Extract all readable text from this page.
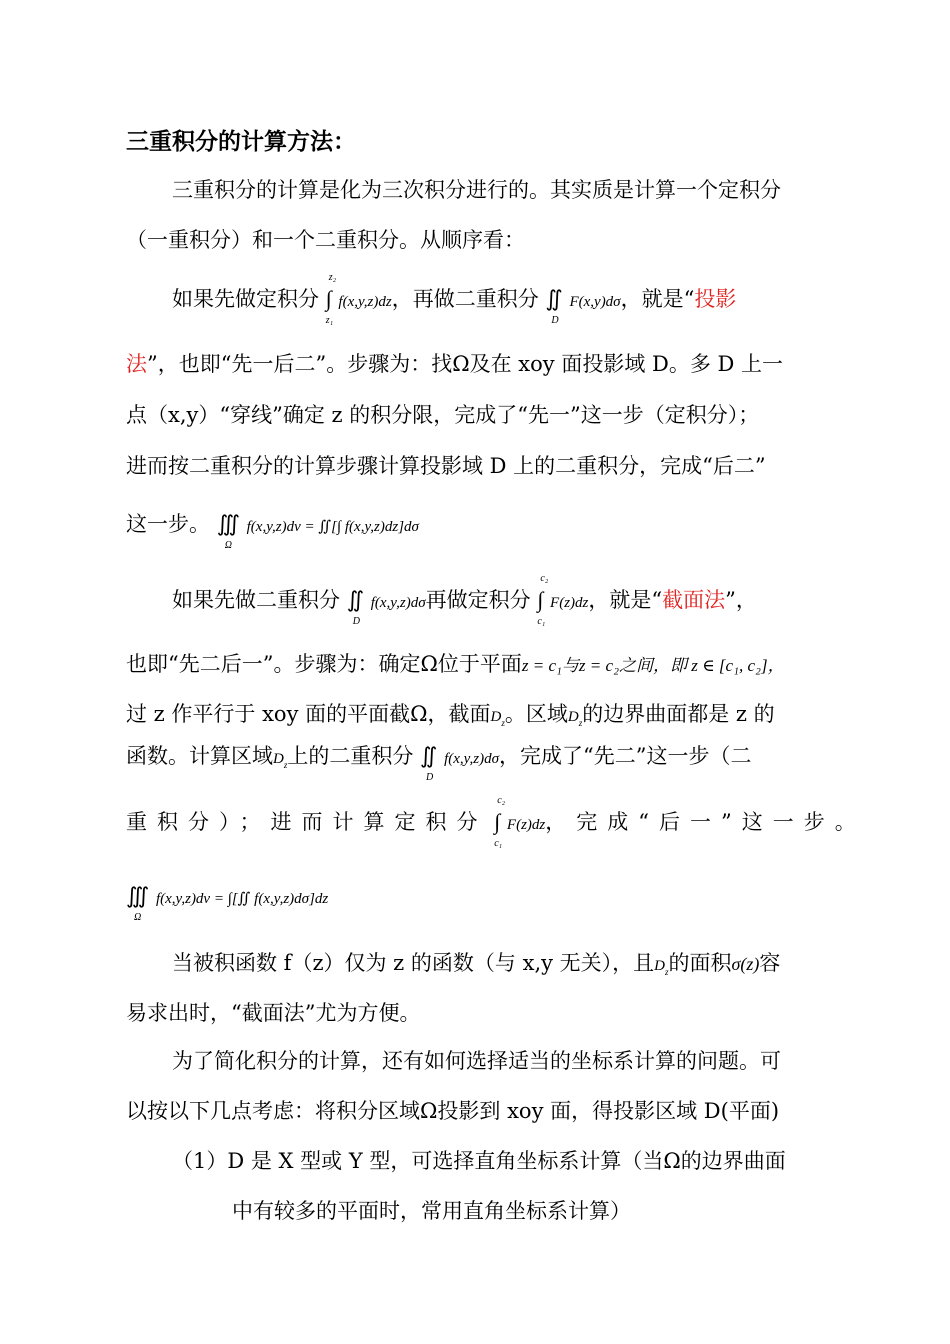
三重积分的计算方法：
三重积分的计算是化为三次积分进行的。其实质是计算一个定积分
（一重积分）和一个二重积分。从顺序看：
如果先做定积分 ∫
z₂
z₁
f(x,y,z)dz，再做二重积分 ∬
D
F(x,y)dσ，就是“投影
法”，也即“先一后二”。步骤为：找Ω及在 xoy 面投影域 D。多 D 上一
点（x,y）“穿线”确定 z 的积分限，完成了“先一”这一步（定积分）；
进而按二重积分的计算步骤计算投影域 D 上的二重积分，完成“后二”
这一步。 ∭
Ω
f(x,y,z)dv = ∬[∫ f(x,y,z)dz]dσ
如果先做二重积分 ∬
D
f(x,y,z)dσ再做定积分 ∫
c₂
c₁
F(z)dz，就是“截面法”，
也即“先二后一”。步骤为：确定Ω位于平面z = c₁与z = c₂之间，即 z ∈ [c₁, c₂]，
过 z 作平行于 xoy 面的平面截Ω，截面$D_z$。区域$D_z$的边界曲面都是 z 的
函数。计算区域$D_z$上的二重积分 ∬
D
f(x,y,z)dσ，完成了“先二”这一步（二
重积分）；进而计算定积分 ∫
c₂
c₁
F(z)dz，完成“后一”这一步。
∭
Ω
f(x,y,z)dv = ∫[∬ f(x,y,z)dσ]dz
当被积函数 f（z）仅为 z 的函数（与 x,y 无关），且$D_z$的面积σ(z)容
易求出时，“截面法”尤为方便。
为了简化积分的计算，还有如何选择适当的坐标系计算的问题。可
以按以下几点考虑：将积分区域Ω投影到 xoy 面，得投影区域 D(平面)
（1）D 是 X 型或 Y 型，可选择直角坐标系计算（当Ω的边界曲面
中有较多的平面时，常用直角坐标系计算）
